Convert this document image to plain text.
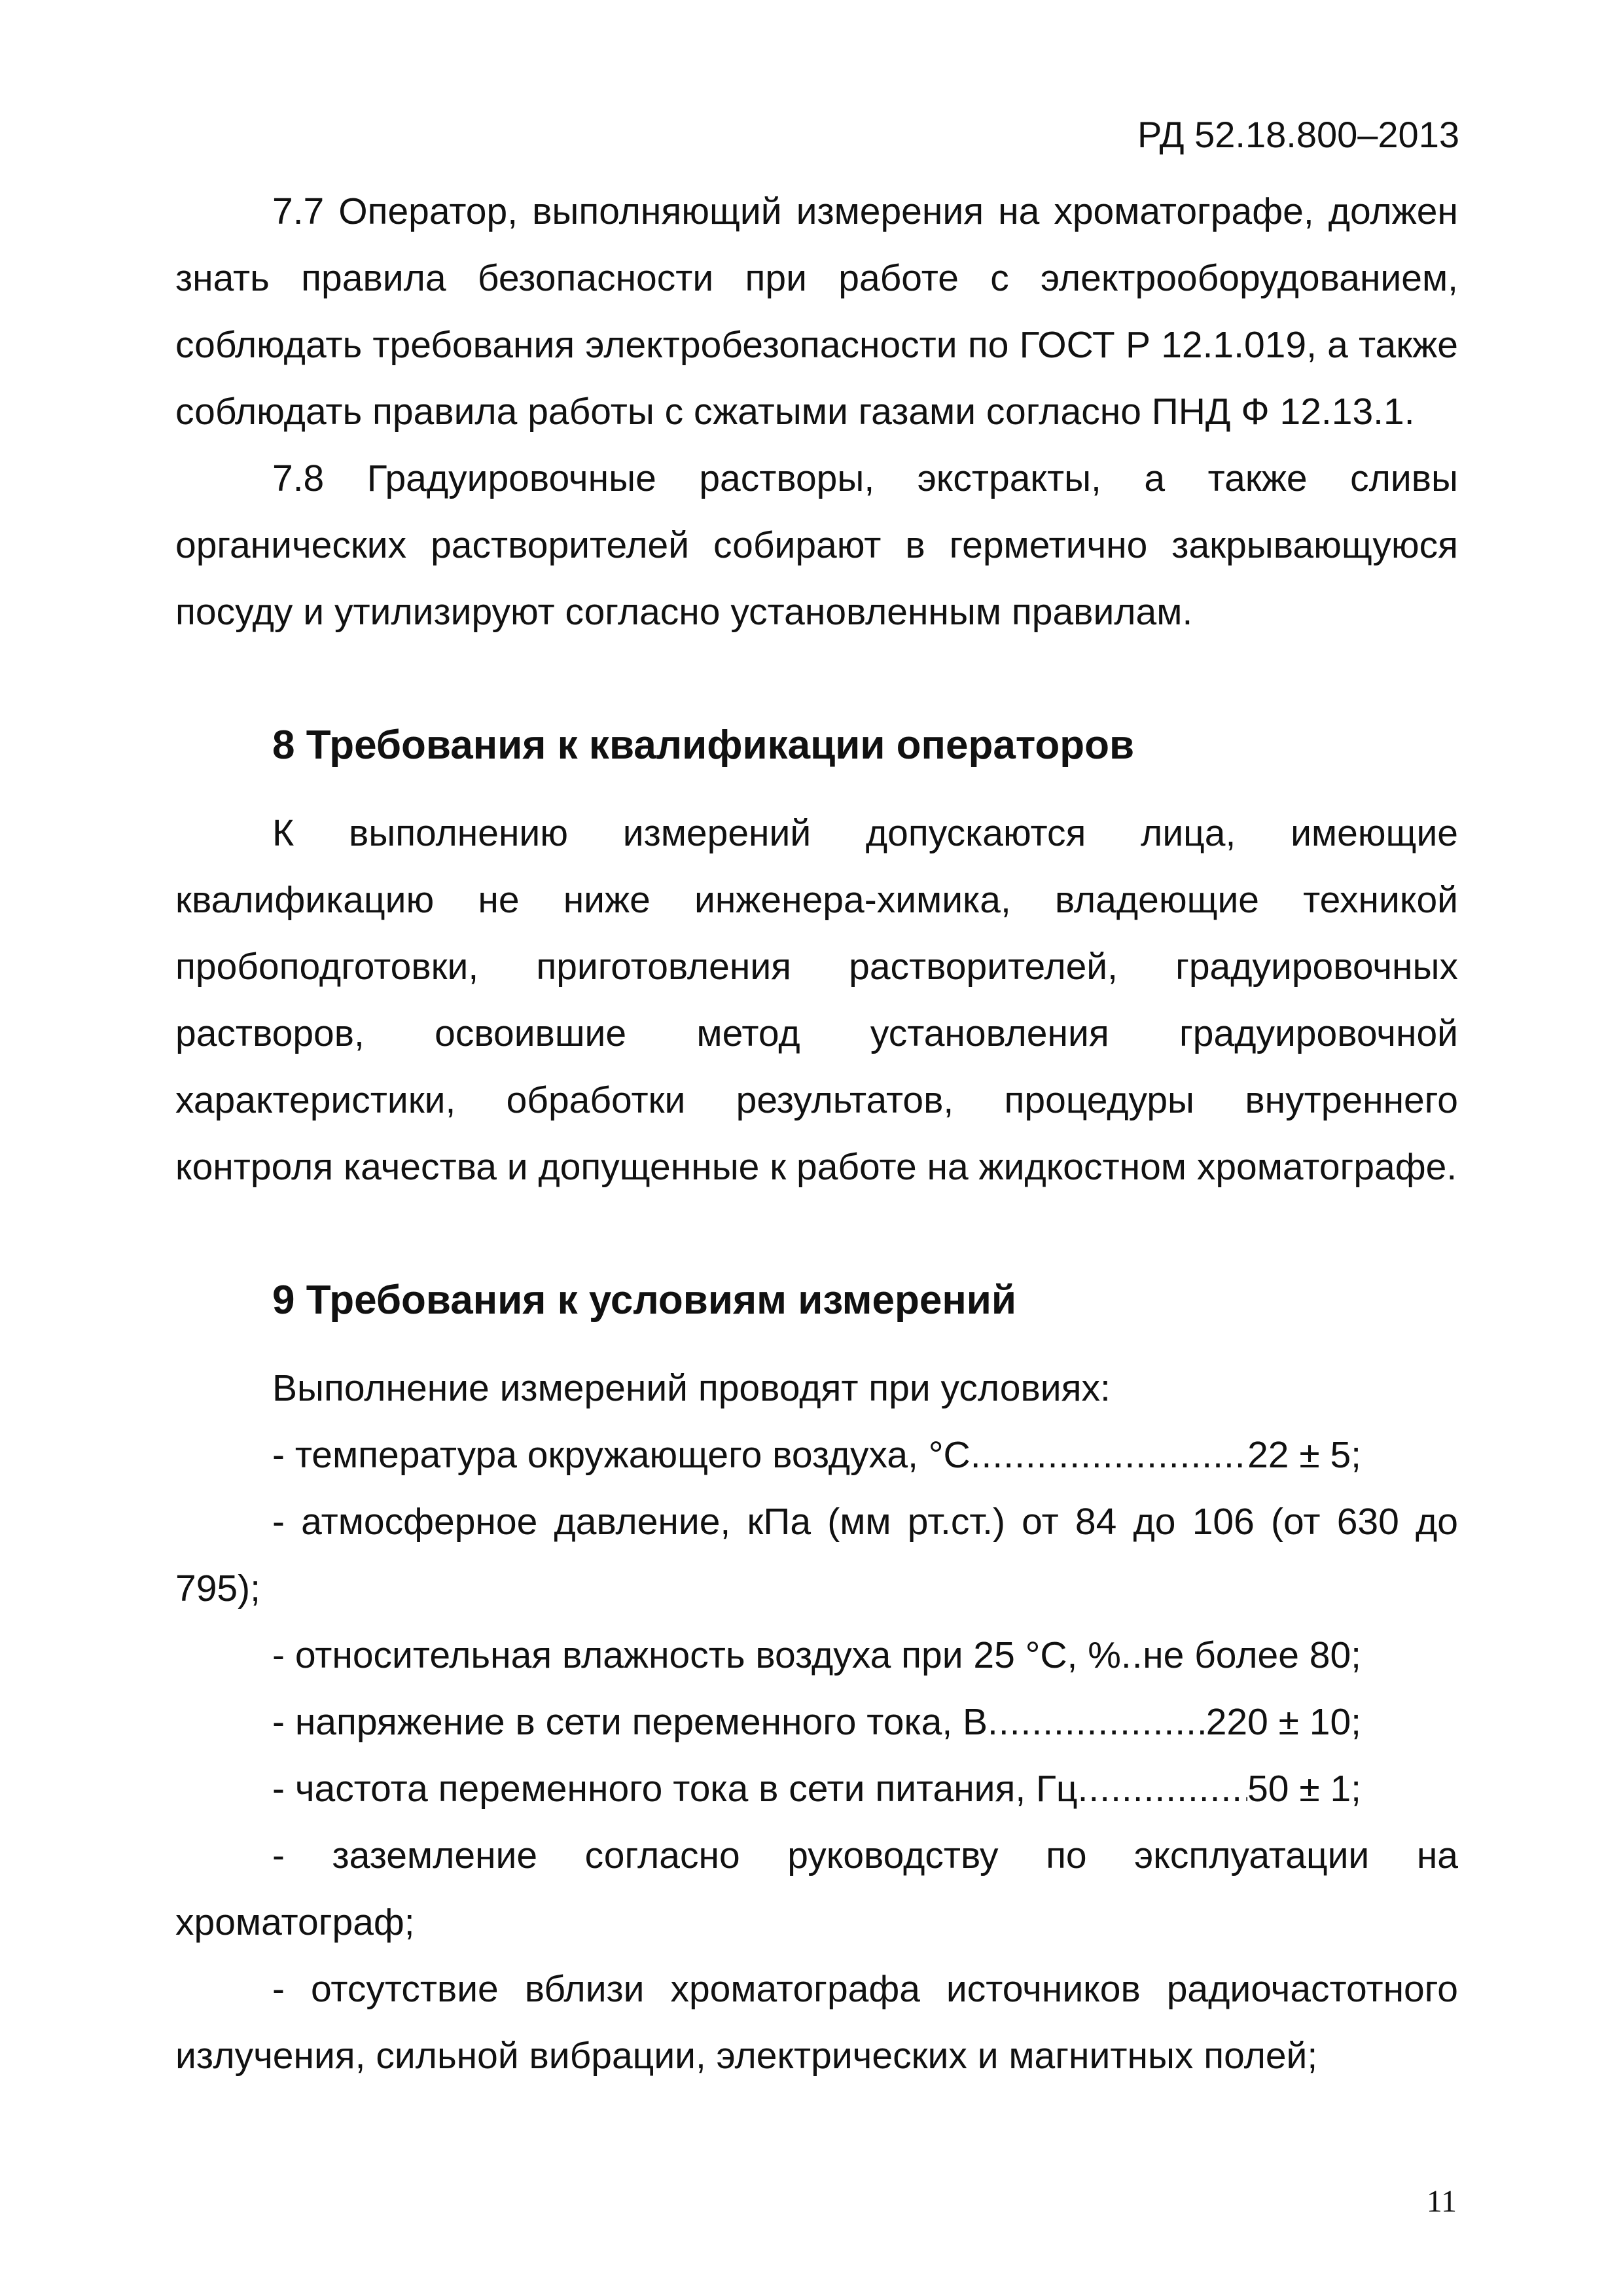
РД 52.18.800–2013

7.7 Оператор, выполняющий измерения на хроматографе, должен знать правила безопасности при работе с электрооборудованием, соблюдать требования электробезопасности по ГОСТ Р 12.1.019, а также соблюдать правила работы с сжатыми газами согласно ПНД Ф 12.13.1.

7.8 Градуировочные растворы, экстракты, а также сливы органических растворителей собирают в герметично закрывающуюся посуду и утилизируют согласно установленным правилам.

8 Требования к квалификации операторов

К выполнению измерений допускаются лица, имеющие квалификацию не ниже инженера-химика, владеющие техникой пробоподготовки, приготовления растворителей, градуировочных растворов, освоившие метод установления градуировочной характеристики, обработки результатов, процедуры внутреннего контроля качества и допущенные к работе на жидкостном хроматографе.

9 Требования к условиям измерений

Выполнение измерений проводят при условиях:

- температура окружающего воздуха, °С .....	22 ± 5;

- атмосферное давление, кПа (мм рт.ст.) от 84 до 106 (от 630 до 795);

- относительная влажность воздуха при 25 °С, % ..... не более 80;
- напряжение в сети переменного тока, В .....	220 ± 10;
- частота переменного тока в сети питания, Гц .....	50 ± 1;

- заземление согласно руководству по эксплуатации на хроматограф;

- отсутствие вблизи хроматографа источников радиочастотного излучения, сильной вибрации, электрических и магнитных полей;

11
